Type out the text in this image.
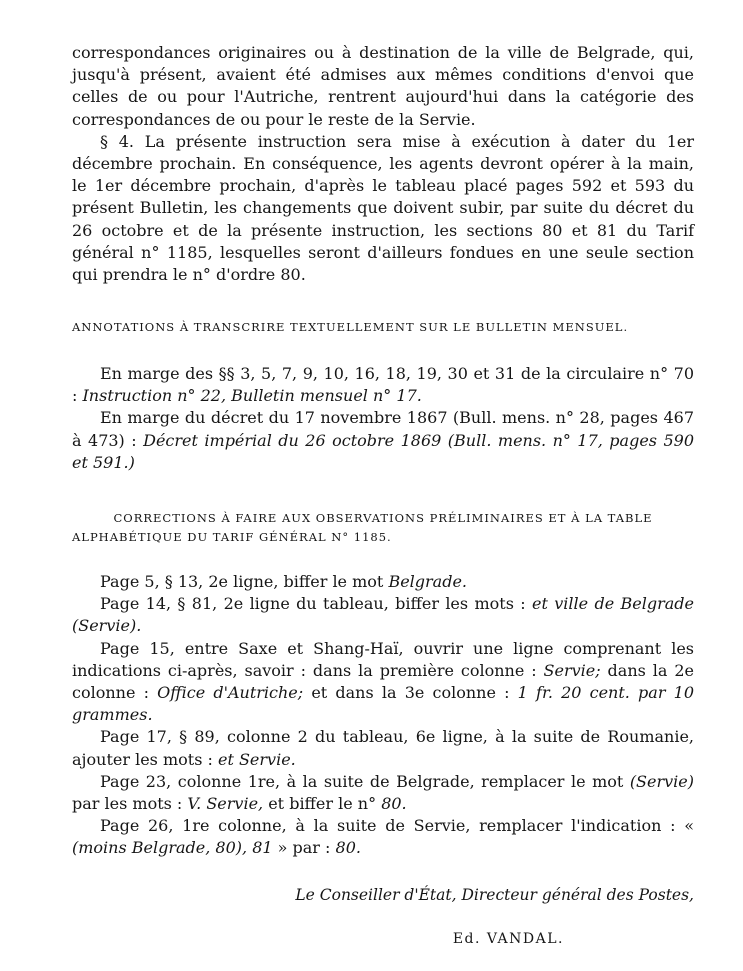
correspondances originaires ou à destination de la ville de Belgrade, qui, jusqu'à présent, avaient été admises aux mêmes conditions d'envoi que celles de ou pour l'Autriche, rentrent aujourd'hui dans la catégorie des correspondances de ou pour le reste de la Servie.

§ 4. La présente instruction sera mise à exécution à dater du 1er décembre prochain. En conséquence, les agents devront opérer à la main, le 1er décembre prochain, d'après le tableau placé pages 592 et 593 du présent Bulletin, les changements que doivent subir, par suite du décret du 26 octobre et de la présente instruction, les sections 80 et 81 du Tarif général n° 1185, lesquelles seront d'ailleurs fondues en une seule section qui prendra le n° d'ordre 80.

ANNOTATIONS À TRANSCRIRE TEXTUELLEMENT SUR LE BULLETIN MENSUEL.

En marge des §§ 3, 5, 7, 9, 10, 16, 18, 19, 30 et 31 de la circulaire n° 70 : Instruction n° 22, Bulletin mensuel n° 17.

En marge du décret du 17 novembre 1867 (Bull. mens. n° 28, pages 467 à 473) : Décret impérial du 26 octobre 1869 (Bull. mens. n° 17, pages 590 et 591.)

CORRECTIONS À FAIRE AUX OBSERVATIONS PRÉLIMINAIRES ET À LA TABLE ALPHABÉTIQUE DU TARIF GÉNÉRAL N° 1185.

Page 5, § 13, 2e ligne, biffer le mot Belgrade.

Page 14, § 81, 2e ligne du tableau, biffer les mots : et ville de Belgrade (Servie).

Page 15, entre Saxe et Shang-Haï, ouvrir une ligne comprenant les indications ci-après, savoir : dans la première colonne : Servie; dans la 2e colonne : Office d'Autriche; et dans la 3e colonne : 1 fr. 20 cent. par 10 grammes.

Page 17, § 89, colonne 2 du tableau, 6e ligne, à la suite de Roumanie, ajouter les mots : et Servie.

Page 23, colonne 1re, à la suite de Belgrade, remplacer le mot (Servie) par les mots : V. Servie, et biffer le n° 80.

Page 26, 1re colonne, à la suite de Servie, remplacer l'indication : « (moins Belgrade, 80), 81 » par : 80.

Le Conseiller d'État, Directeur général des Postes,
Ed. VANDAL.
